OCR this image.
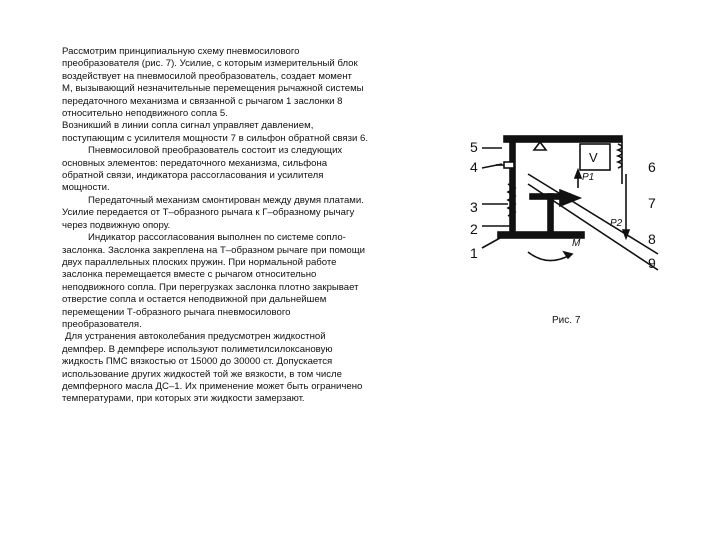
Рассмотрим принципиальную схему пневмосилового
преобразователя (рис. 7). Усилие, с которым измерительный блок
воздействует на пневмосилой преобразователь, создает момент
М, вызывающий незначительные перемещения рычажной системы
передаточного механизма и связанной с рычагом 1 заслонки 8
относительно неподвижного сопла 5.
Возникший в линии сопла сигнал управляет давлением,
поступающим с усилителя мощности 7 в сильфон обратной связи 6.
Пневмосиловой преобразователь состоит из следующих
основных элементов: передаточного механизма, сильфона
обратной связи, индикатора рассогласования и усилителя
мощности.
Передаточный механизм смонтирован между двумя платами.
Усилие передается от Т–образного рычага к Г–образному рычагу
через подвижную опору.
Индикатор рассогласования выполнен по системе сопло-
заслонка. Заслонка закреплена на Т–образном рычаге при помощи
двух параллельных плоских пружин. При нормальной работе
заслонка перемещается вместе с рычагом относительно
неподвижного сопла. При перегрузках заслонка плотно закрывает
отверстие сопла и остается неподвижной при дальнейшем
перемещении Т-образного рычага пневмосилового
преобразователя.
Для устранения автоколебания предусмотрен жидкостной
демпфер. В демпфере используют полиметилсилоксановую
жидкость ПМС вязкостью от 15000 до 30000 ст. Допускается
использование других жидкостей той же вязкости, в том числе
демпферного масла ДС–1. Их применение может быть ограничено
температурами, при которых эти жидкости замерзают.
5
4
3
2
1
6
7
8
9
P1
P2
M
V
Рис. 7
